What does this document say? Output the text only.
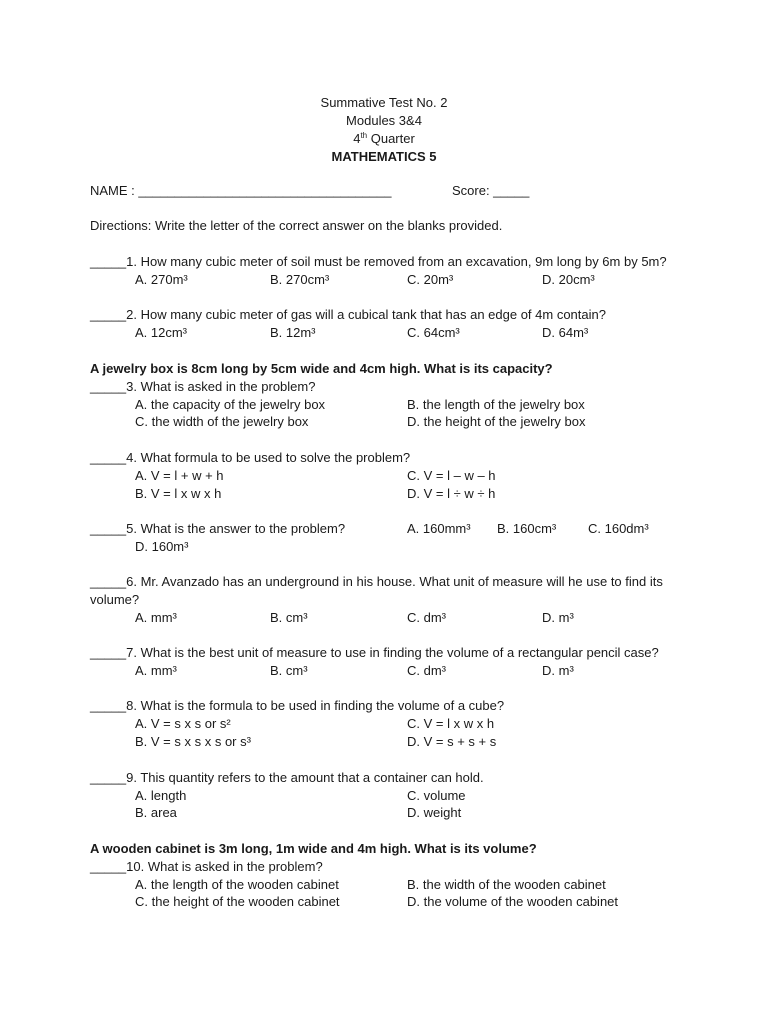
Summative Test No. 2
Modules 3&4
4th Quarter
MATHEMATICS 5
NAME : ___________________________________	Score: _____
Directions: Write the letter of the correct answer on the blanks provided.
_____1. How many cubic meter of soil must be removed from an excavation, 9m long by 6m by 5m?
A. 270m³	B. 270cm³	C. 20m³	D. 20cm³
_____2. How many cubic meter of gas will a cubical tank that has an edge of 4m contain?
A. 12cm³	B. 12m³	C. 64cm³	D. 64m³
A jewelry box is 8cm long by 5cm wide and 4cm high. What is its capacity?
_____3. What is asked in the problem?
A. the capacity of the jewelry box	B. the length of the jewelry box
C. the width of the jewelry box	D. the height of the jewelry box
_____4. What formula to be used to solve the problem?
A. V = l + w + h	C. V = l – w – h
B. V = l x w x h	D. V = l ÷ w ÷ h
_____5. What is the answer to the problem?	A. 160mm³ B. 160cm³ C. 160dm³
D. 160m³
_____6. Mr. Avanzado has an underground in his house. What unit of measure will he use to find its
volume?
A. mm³	B. cm³	C. dm³	D. m³
_____7. What is the best unit of measure to use in finding the volume of a rectangular pencil case?
A. mm³	B. cm³	C. dm³	D. m³
_____8. What is the formula to be used in finding the volume of a cube?
A. V = s x s or s²	C. V = l x w x h
B. V = s x s x s or s³	D. V = s + s + s
_____9. This quantity refers to the amount that a container can hold.
A. length	C. volume
B. area	D. weight
A wooden cabinet is 3m long, 1m wide and 4m high. What is its volume?
_____10. What is asked in the problem?
A. the length of the wooden cabinet	B. the width of the wooden cabinet
C. the height of the wooden cabinet	D. the volume of the wooden cabinet
